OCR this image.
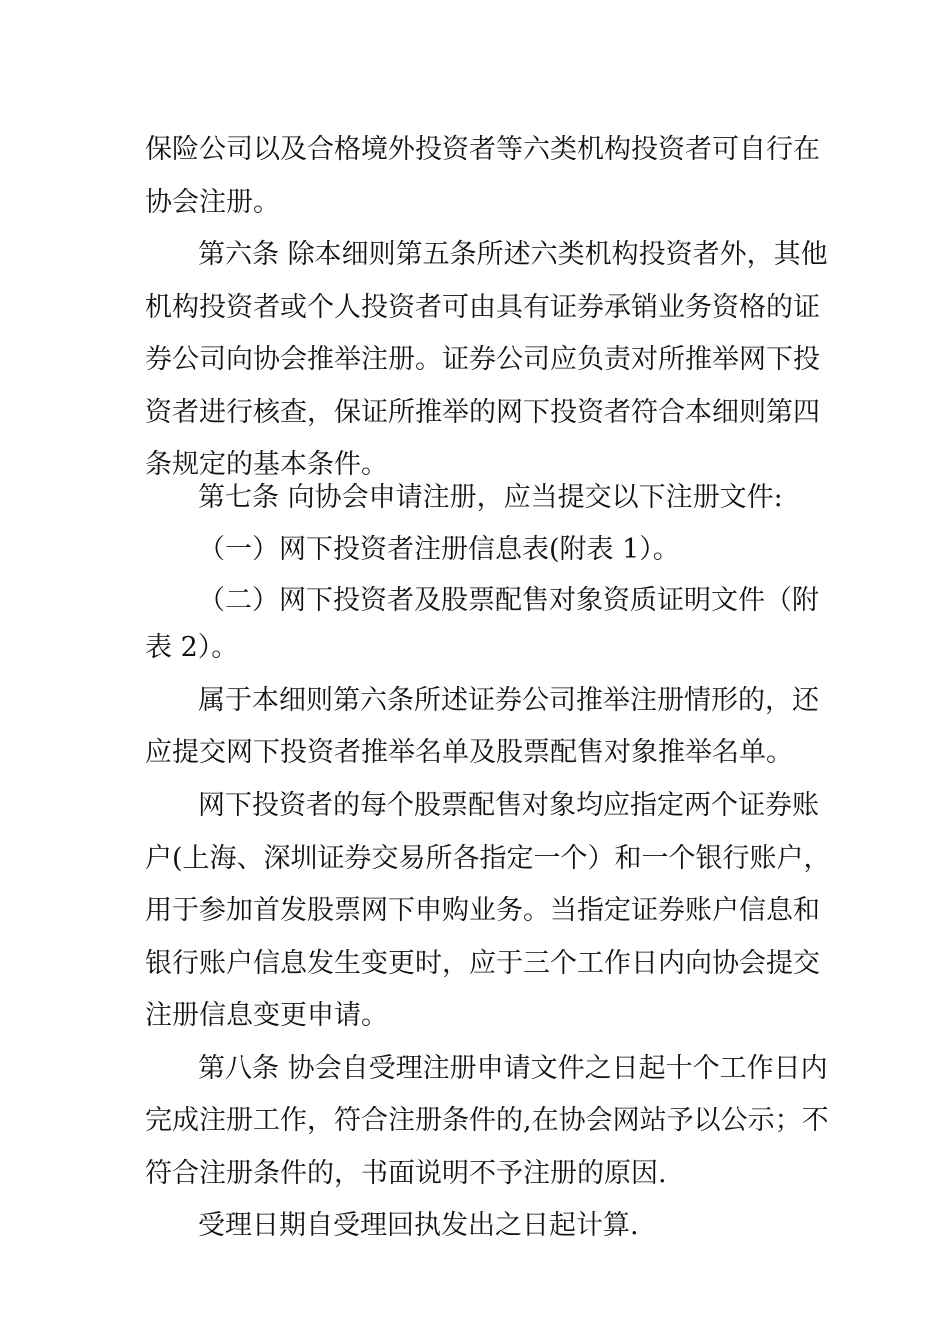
保险公司以及合格境外投资者等六类机构投资者可自行在
协会注册。
第六条 除本细则第五条所述六类机构投资者外，其他
机构投资者或个人投资者可由具有证券承销业务资格的证
券公司向协会推举注册。证券公司应负责对所推举网下投
资者进行核查，保证所推举的网下投资者符合本细则第四
条规定的基本条件。
第七条 向协会申请注册，应当提交以下注册文件:
（一）网下投资者注册信息表(附表 1）。
（二）网下投资者及股票配售对象资质证明文件（附
表 2）。
属于本细则第六条所述证券公司推举注册情形的，还
应提交网下投资者推举名单及股票配售对象推举名单。
网下投资者的每个股票配售对象均应指定两个证券账
户(上海、深圳证券交易所各指定一个）和一个银行账户，
用于参加首发股票网下申购业务。当指定证券账户信息和
银行账户信息发生变更时，应于三个工作日内向协会提交
注册信息变更申请。
第八条 协会自受理注册申请文件之日起十个工作日内
完成注册工作，符合注册条件的,在协会网站予以公示；不
符合注册条件的，书面说明不予注册的原因.
受理日期自受理回执发出之日起计算.
